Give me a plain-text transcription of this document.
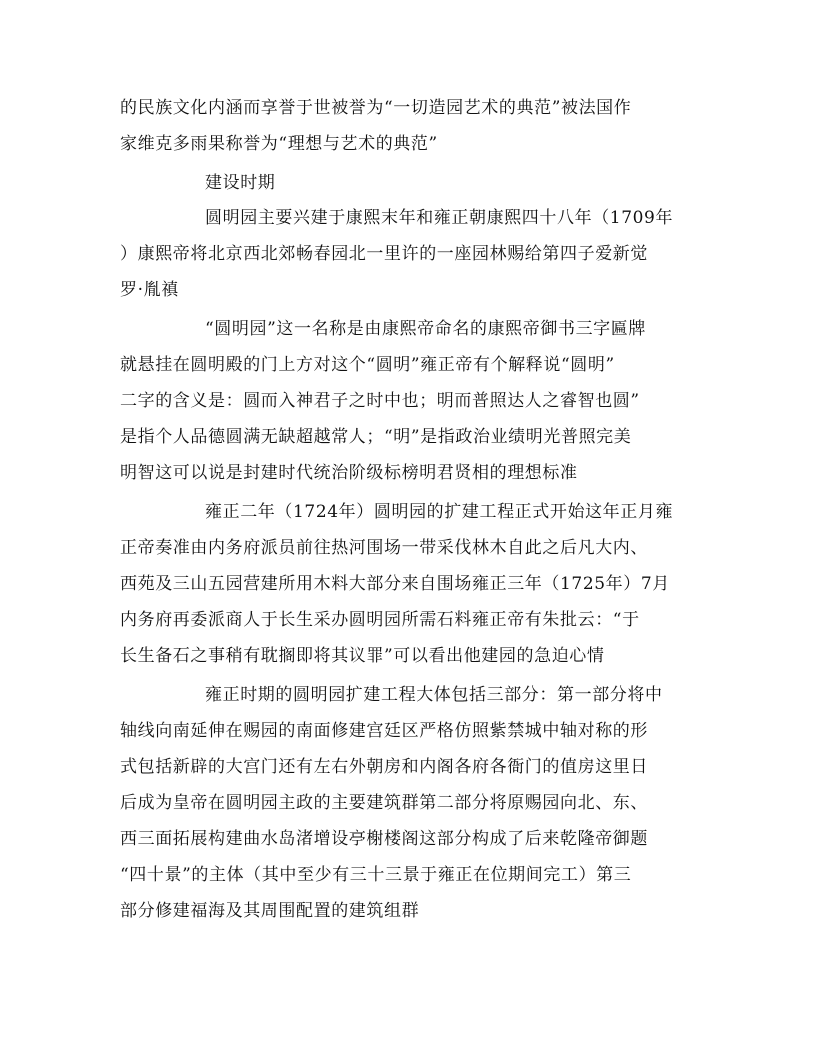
的民族文化内涵而享誉于世被誉为“一切造园艺术的典范”被法国作
家维克多雨果称誉为“理想与艺术的典范”
建设时期
圆明园主要兴建于康熙末年和雍正朝康熙四十八年（1709年
）康熙帝将北京西北郊畅春园北一里许的一座园林赐给第四子爱新觉
罗·胤禛
“圆明园”这一名称是由康熙帝命名的康熙帝御书三字匾牌
就悬挂在圆明殿的门上方对这个“圆明”雍正帝有个解释说“圆明”
二字的含义是：圆而入神君子之时中也；明而普照达人之睿智也圆”
是指个人品德圆满无缺超越常人；“明”是指政治业绩明光普照完美
明智这可以说是封建时代统治阶级标榜明君贤相的理想标准
雍正二年（1724年）圆明园的扩建工程正式开始这年正月雍
正帝奏准由内务府派员前往热河围场一带采伐林木自此之后凡大内、
西苑及三山五园营建所用木料大部分来自围场雍正三年（1725年）7月
内务府再委派商人于长生采办圆明园所需石料雍正帝有朱批云：“于
长生备石之事稍有耽搁即将其议罪”可以看出他建园的急迫心情
雍正时期的圆明园扩建工程大体包括三部分：第一部分将中
轴线向南延伸在赐园的南面修建宫廷区严格仿照紫禁城中轴对称的形
式包括新辟的大宫门还有左右外朝房和内阁各府各衙门的值房这里日
后成为皇帝在圆明园主政的主要建筑群第二部分将原赐园向北、东、
西三面拓展构建曲水岛渚增设亭榭楼阁这部分构成了后来乾隆帝御题
“四十景”的主体（其中至少有三十三景于雍正在位期间完工）第三
部分修建福海及其周围配置的建筑组群
